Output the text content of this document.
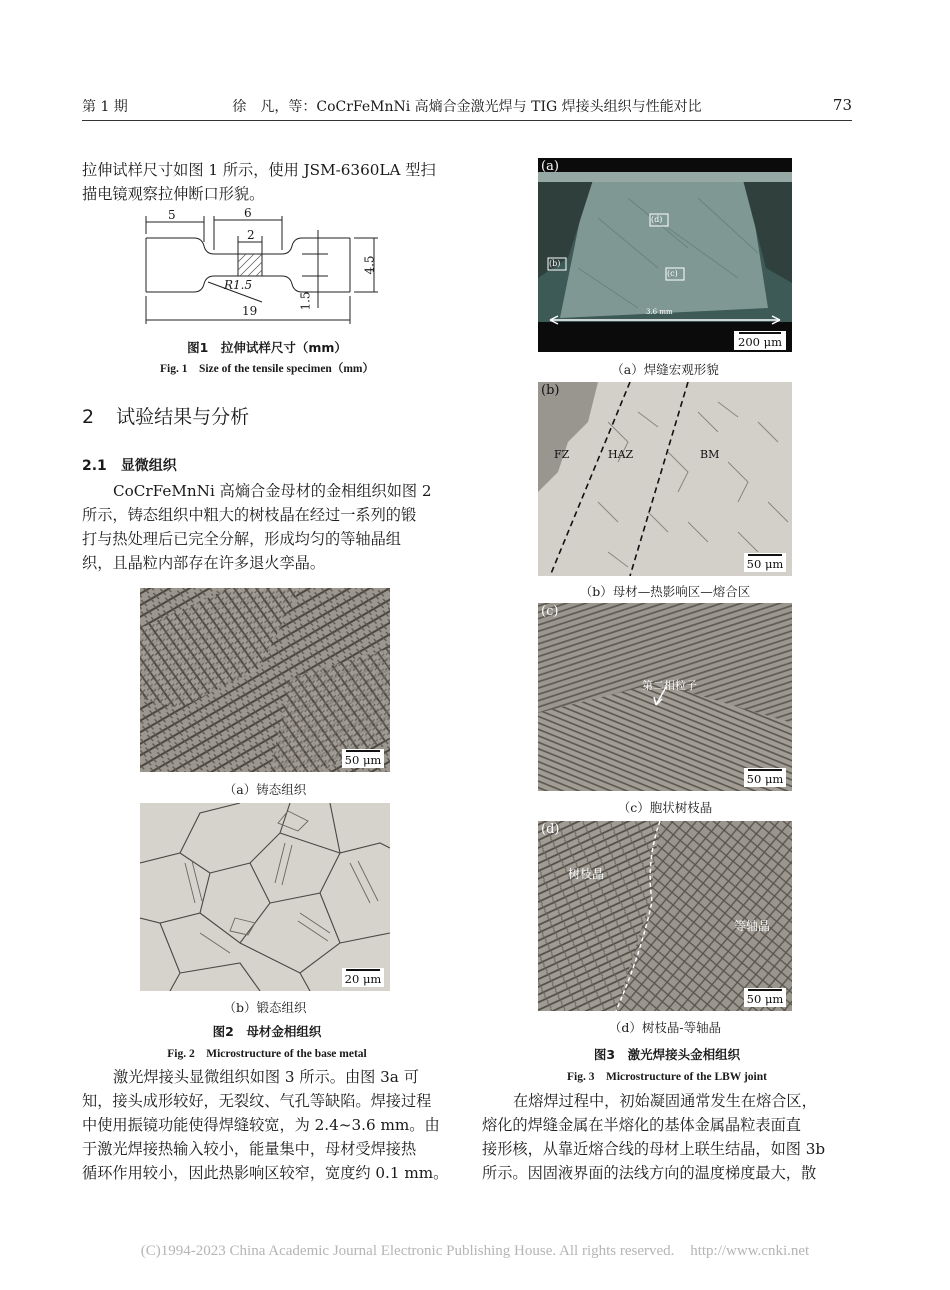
第 1 期	徐　凡，等：CoCrFeMnNi 高熵合金激光焊与 TIG 焊接头组织与性能对比	73
拉伸试样尺寸如图 1 所示，使用 JSM-6360LA 型扫
描电镜观察拉伸断口形貌。
5	6
2
4.5
R1.5
1.5
19
图1　拉伸试样尺寸（mm）
Fig. 1　Size of the tensile specimen（mm）
2 试验结果与分析
2.1 显微组织
CoCrFeMnNi 高熵合金母材的金相组织如图 2
所示，铸态组织中粗大的树枝晶在经过一系列的锻
打与热处理后已完全分解，形成均匀的等轴晶组
织，且晶粒内部存在许多退火孪晶。
50 μm
（a）铸态组织
20 μm
（b）锻态组织
图2　母材金相组织
Fig. 2　Microstructure of the base metal
激光焊接头显微组织如图 3 所示。由图 3a 可
知，接头成形较好，无裂纹、气孔等缺陷。焊接过程
中使用振镜功能使得焊缝较宽，为 2.4~3.6 mm。由
于激光焊接热输入较小，能量集中，母材受焊接热
循环作用较小，因此热影响区较窄，宽度约 0.1 mm。
(a)
(d)
(b)
(c)
3.6 mm
200 μm
（a）焊缝宏观形貌
(b)
FZ	HAZ	BM
50 μm
（b）母材—热影响区—熔合区
(c)
第二相粒子
50 μm
（c）胞状树枝晶
(d)
树枝晶
等轴晶
50 μm
（d）树枝晶-等轴晶
图3　激光焊接头金相组织
Fig. 3　Microstructure of the LBW joint
在熔焊过程中，初始凝固通常发生在熔合区，
熔化的焊缝金属在半熔化的基体金属晶粒表面直
接形核，从靠近熔合线的母材上联生结晶，如图 3b
所示。因固液界面的法线方向的温度梯度最大，散
(C)1994-2023 China Academic Journal Electronic Publishing House. All rights reserved. http://www.cnki.net
